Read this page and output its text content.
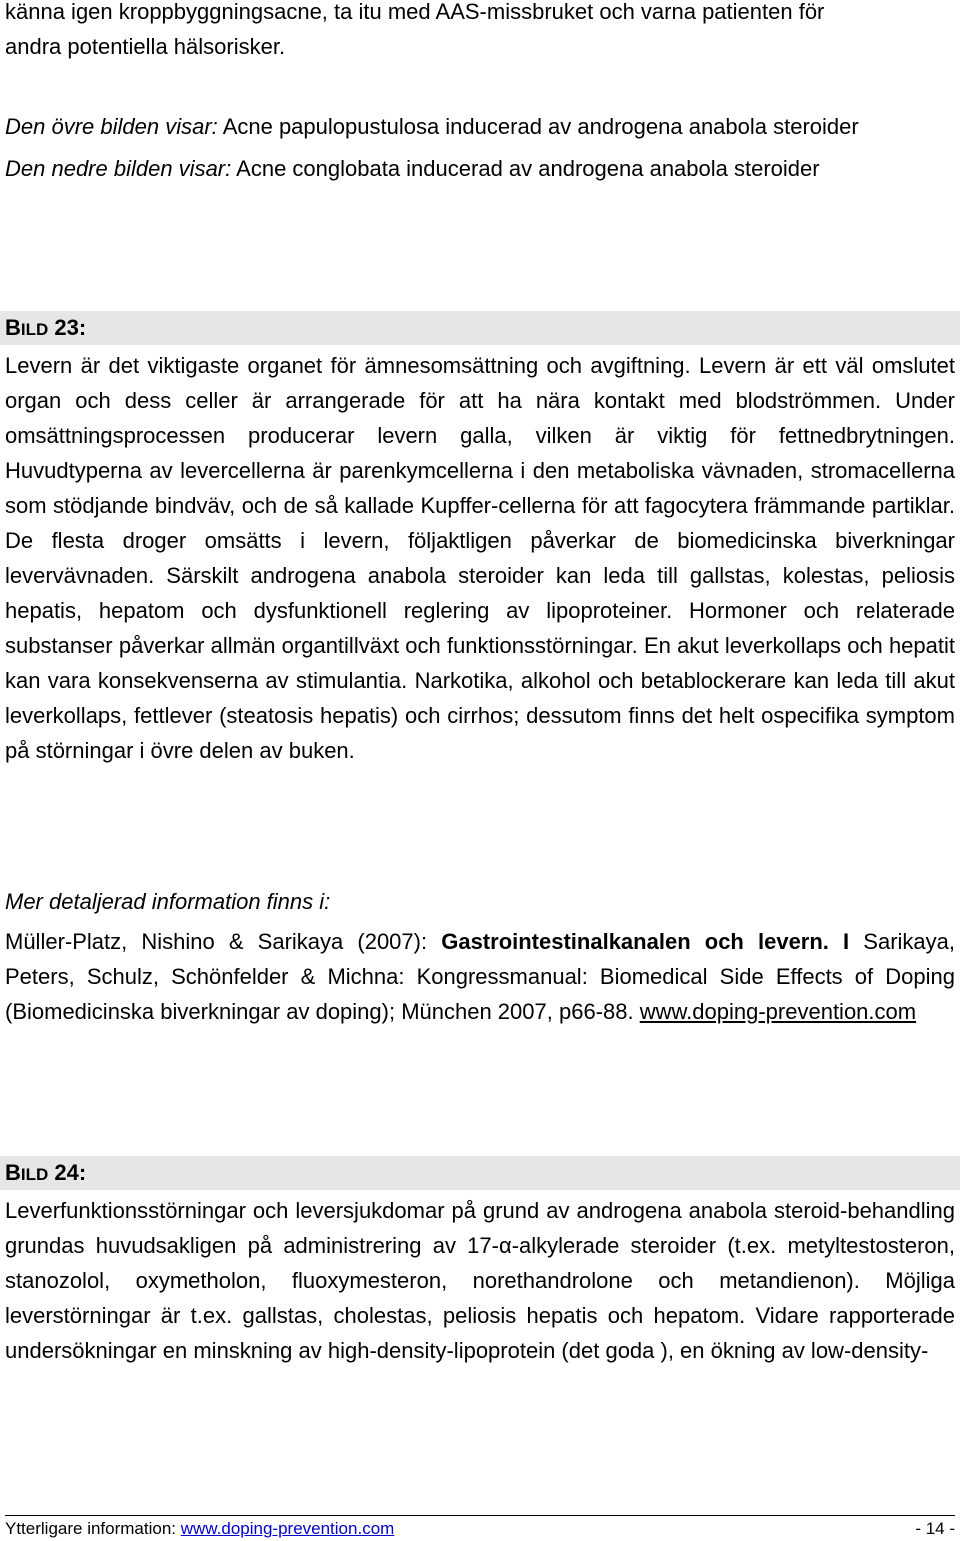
känna igen kroppbyggningsacne, ta itu med AAS-missbruket och varna patienten för
andra potentiella hälsorisker.
Den övre bilden visar: Acne papulopustulosa inducerad av androgena anabola steroider
Den nedre bilden visar: Acne conglobata inducerad av androgena anabola steroider
BILD 23:

Levern är det viktigaste organet för ämnesomsättning och avgiftning. Levern är ett väl omslutet organ och dess celler är arrangerade för att ha nära kontakt med blodströmmen. Under omsättningsprocessen producerar levern galla, vilken är viktig för fettnedbrytningen. Huvudtyperna av levercellerna är parenkymcellerna i den metaboliska vävnaden, stromacellerna som stödjande bindväv, och de så kallade Kupffer-cellerna för att fagocytera främmande partiklar. De flesta droger omsätts i levern, följaktligen påverkar de biomedicinska biverkningar levervävnaden. Särskilt androgena anabola steroider kan leda till gallstas, kolestas, peliosis hepatis, hepatom och dysfunktionell reglering av lipoproteiner. Hormoner och relaterade substanser påverkar allmän organtillväxt och funktionsstörningar. En akut leverkollaps och hepatit kan vara konsekvenserna av stimulantia. Narkotika, alkohol och betablockerare kan leda till akut leverkollaps, fettlever (steatosis hepatis) och cirrhos; dessutom finns det helt ospecifika symptom på störningar i övre delen av buken.

Mer detaljerad information finns i:
Müller-Platz, Nishino & Sarikaya (2007): Gastrointestinalkanalen och levern. I Sarikaya, Peters, Schulz, Schönfelder & Michna: Kongressmanual: Biomedical Side Effects of Doping (Biomedicinska biverkningar av doping); München 2007, p66-88. www.doping-prevention.com
BILD 24:

Leverfunktionsstörningar och leversjukdomar på grund av androgena anabola steroid-behandling grundas huvudsakligen på administrering av 17-α-alkylerade steroider (t.ex. metyltestosteron, stanozolol, oxymetholon, fluoxymesteron, norethandrolone och metandienon). Möjliga leverstörningar är t.ex. gallstas, cholestas, peliosis hepatis och hepatom. Vidare rapporterade undersökningar en minskning av high-density-lipoprotein (det goda ), en ökning av low-density-

Ytterligare information: www.doping-prevention.com	- 14 -
